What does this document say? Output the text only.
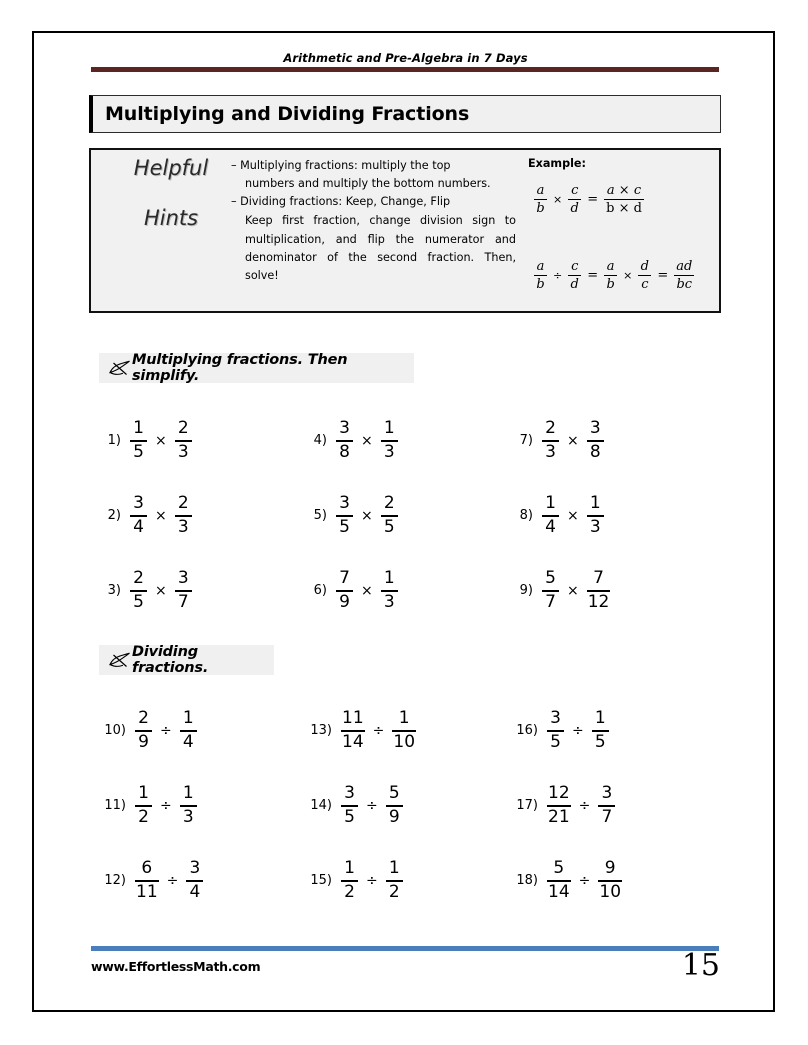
Arithmetic and Pre-Algebra in 7 Days
Multiplying and Dividing Fractions
Helpful
Hints
– Multiplying fractions: multiply the top
numbers and multiply the bottom numbers.
– Dividing fractions: Keep, Change, Flip
Keep first fraction, change division sign to multiplication, and flip the numerator and denominator of the second fraction. Then, solve!
Example:
$\frac{a}{b} \times \frac{c}{d} = \frac{a \times c}{b \times d}$
$\frac{a}{b} \div \frac{c}{d} = \frac{a}{b} \times \frac{d}{c} = \frac{ad}{bc}$
Multiplying fractions. Then simplify.
$1) \frac{1}{5} \times \frac{2}{3}$	$4) \frac{3}{8} \times \frac{1}{3}$	$7) \frac{2}{3} \times \frac{3}{8}$
$2) \frac{3}{4} \times \frac{2}{3}$	$5) \frac{3}{5} \times \frac{2}{5}$	$8) \frac{1}{4} \times \frac{1}{3}$
$3) \frac{2}{5} \times \frac{3}{7}$	$6) \frac{7}{9} \times \frac{1}{3}$	$9) \frac{5}{7} \times \frac{7}{12}$
Dividing fractions.
$10) \frac{2}{9} \div \frac{1}{4}$	$13) \frac{11}{14} \div \frac{1}{10}$	$16) \frac{3}{5} \div \frac{1}{5}$
$11) \frac{1}{2} \div \frac{1}{3}$	$14) \frac{3}{5} \div \frac{5}{9}$	$17) \frac{12}{21} \div \frac{3}{7}$
$12) \frac{6}{11} \div \frac{3}{4}$	$15) \frac{1}{2} \div \frac{1}{2}$	$18) \frac{5}{14} \div \frac{9}{10}$
www.EffortlessMath.com	15
